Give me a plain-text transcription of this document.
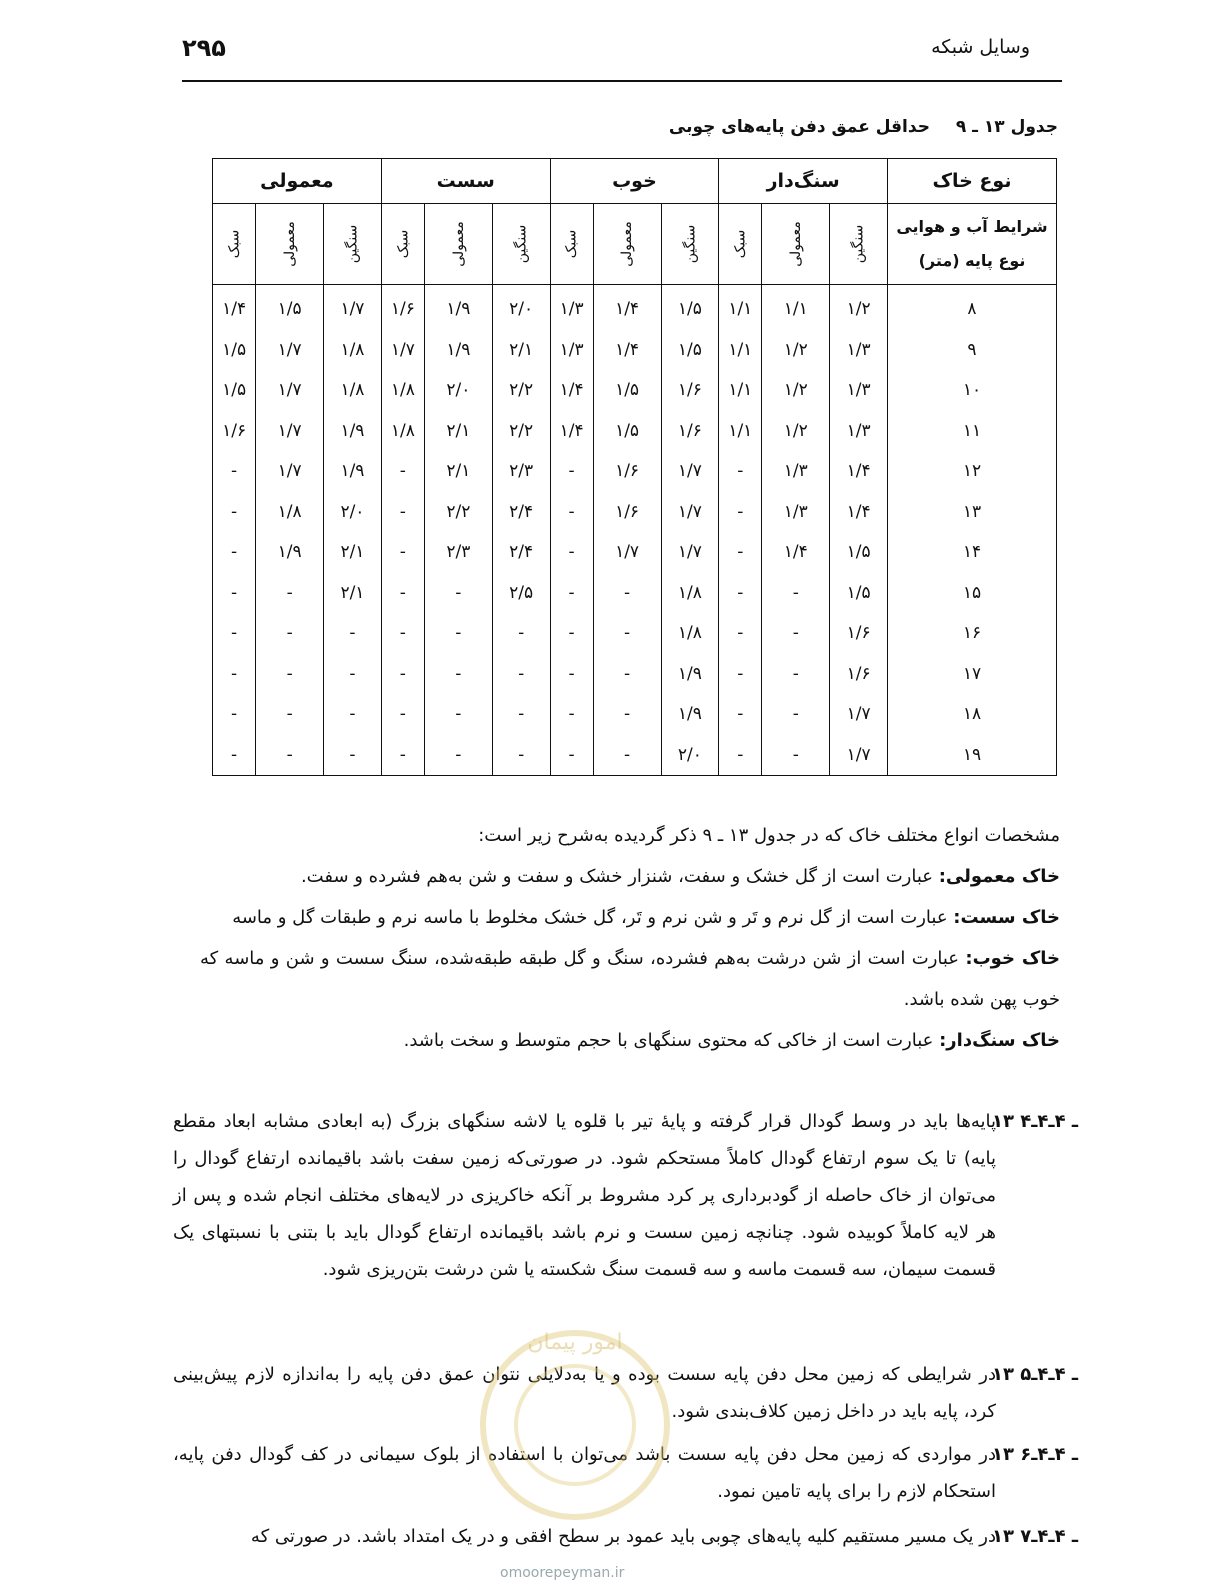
وسایل شبکه
۲۹۵
جدول ۱۳ ـ ۹ حداقل عمق دفن پایه‌های چوبی
نوع خاک	سنگ‌دار			خوب			سست			معمولی		

شرایط آب و هوایی
نوع پایه (متر)	سنگین	معمولی	سبک	سنگین	معمولی	سبک	سنگین	معمولی	سبک	سنگین	معمولی	سبک
۸	۱/۲	۱/۱	۱/۱	۱/۵	۱/۴	۱/۳	۲/۰	۱/۹	۱/۶	۱/۷	۱/۵	۱/۴
۹	۱/۳	۱/۲	۱/۱	۱/۵	۱/۴	۱/۳	۲/۱	۱/۹	۱/۷	۱/۸	۱/۷	۱/۵
۱۰	۱/۳	۱/۲	۱/۱	۱/۶	۱/۵	۱/۴	۲/۲	۲/۰	۱/۸	۱/۸	۱/۷	۱/۵
۱۱	۱/۳	۱/۲	۱/۱	۱/۶	۱/۵	۱/۴	۲/۲	۲/۱	۱/۸	۱/۹	۱/۷	۱/۶
۱۲	۱/۴	۱/۳	-	۱/۷	۱/۶	-	۲/۳	۲/۱	-	۱/۹	۱/۷	-
۱۳	۱/۴	۱/۳	-	۱/۷	۱/۶	-	۲/۴	۲/۲	-	۲/۰	۱/۸	-
۱۴	۱/۵	۱/۴	-	۱/۷	۱/۷	-	۲/۴	۲/۳	-	۲/۱	۱/۹	-
۱۵	۱/۵	-	-	۱/۸	-	-	۲/۵	-	-	۲/۱	-	-
۱۶	۱/۶	-	-	۱/۸	-	-	-	-	-	-	-	-
۱۷	۱/۶	-	-	۱/۹	-	-	-	-	-	-	-	-
۱۸	۱/۷	-	-	۱/۹	-	-	-	-	-	-	-	-
۱۹	۱/۷	-	-	۲/۰	-	-	-	-	-	-	-	-

مشخصات انواع مختلف خاک که در جدول ۱۳ ـ ۹ ذکر گردیده به‌شرح زیر است:

خاک معمولی: عبارت است از گل خشک و سفت، شنزار خشک و سفت و شن به‌هم فشرده و سفت.

خاک سست: عبارت است از گل نرم و تَر و شن نرم و تَر، گل خشک مخلوط با ماسه نرم و طبقات گل و ماسه

خاک خوب: عبارت است از شن درشت به‌هم فشرده، سنگ و گل طبقه طبقه‌شده، سنگ سست و شن و ماسه که خوب پهن شده باشد.

خاک سنگ‌دار: عبارت است از خاکی که محتوی سنگهای با حجم متوسط و سخت باشد.

۱۳ ـ ۴ـ۴ـ۴
پایه‌ها باید در وسط گودال قرار گرفته و پایهٔ تیر با قلوه یا لاشه سنگهای بزرگ (به ابعادی مشابه ابعاد مقطع پایه) تا یک سوم ارتفاع گودال کاملاً مستحکم شود. در صورتی‌که زمین سفت باشد باقیمانده ارتفاع گودال را می‌توان از خاک حاصله از گودبرداری پر کرد مشروط بر آنکه خاکریزی در لایه‌های مختلف انجام شده و پس از هر لایه کاملاً کوبیده شود. چنانچه زمین سست و نرم باشد باقیمانده ارتفاع گودال باید با بتنی با نسبتهای یک قسمت سیمان، سه قسمت ماسه و سه قسمت سنگ شکسته یا شن درشت بتن‌ریزی شود.
۱۳ ـ ۴ـ۴ـ۵
در شرایطی که زمین محل دفن پایه سست بوده و یا به‌دلایلی نتوان عمق دفن پایه را به‌اندازه لازم پیش‌بینی کرد، پایه باید در داخل زمین کلاف‌بندی شود.
۱۳ ـ ۴ـ۴ـ۶
در مواردی که زمین محل دفن پایه سست باشد می‌توان با استفاده از بلوک سیمانی در کف گودال دفن پایه، استحکام لازم را برای پایه تامین نمود.
۱۳ ـ ۴ـ۴ـ۷
در یک مسیر مستقیم کلیه پایه‌های چوبی باید عمود بر سطح افقی و در یک امتداد باشد. در صورتی که
امور پیمان
omoorepeyman.ir
